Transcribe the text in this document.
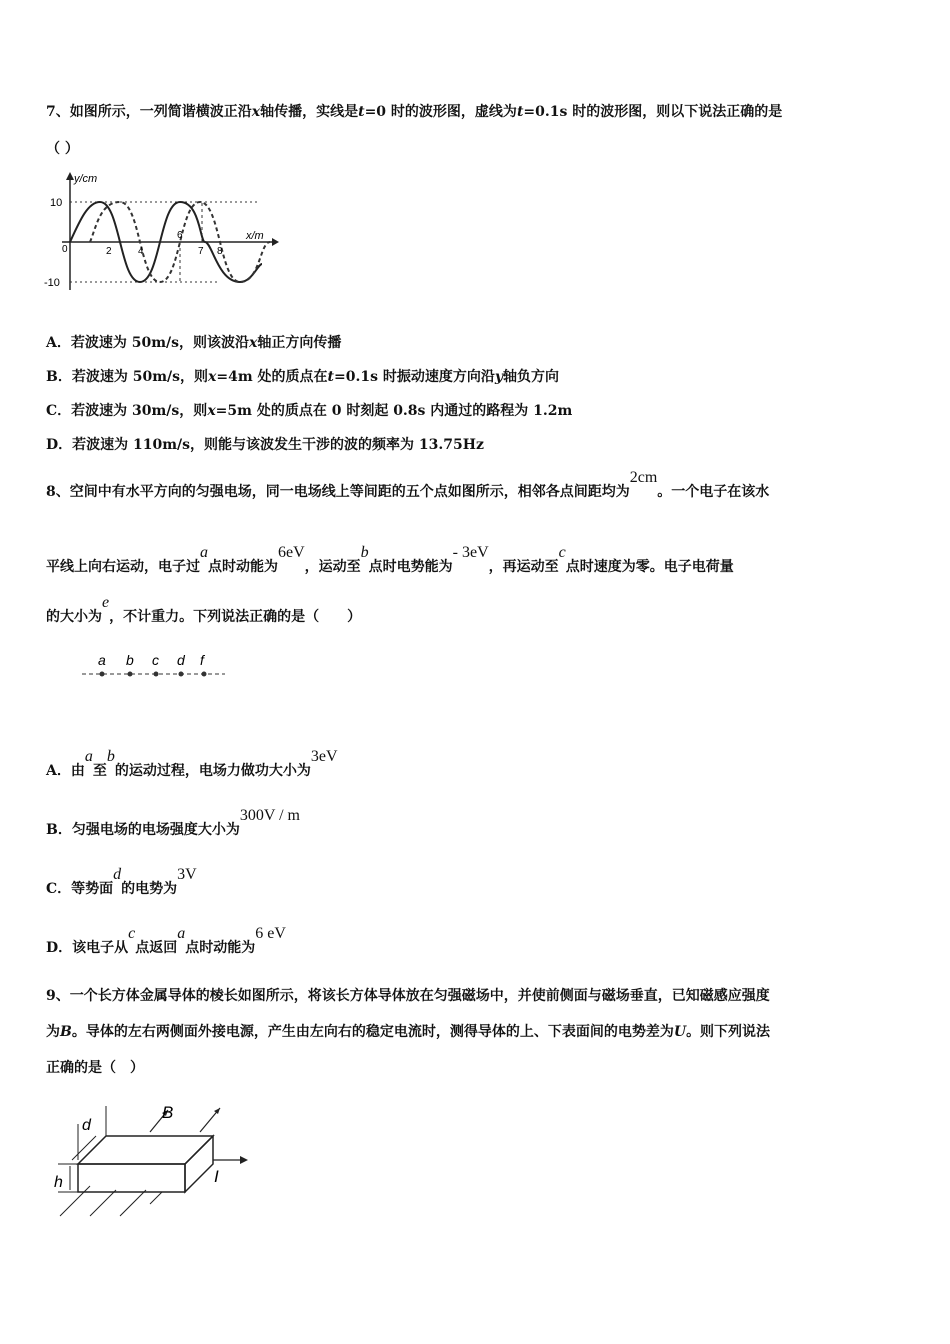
7、如图所示，一列简谐横波正沿x轴传播，实线是t=0 时的波形图，虚线为t=0.1s 时的波形图，则以下说法正确的是
（ ）
y/cm
x/m
10
-10
0	2	4
6
7 8
A．若波速为 50m/s，则该波沿x轴正方向传播
B．若波速为 50m/s，则x=4m 处的质点在t=0.1s 时振动速度方向沿y轴负方向
C．若波速为 30m/s，则x=5m 处的质点在 0 时刻起 0.8s 内通过的路程为 1.2m
D．若波速为 110m/s，则能与该波发生干涉的波的频率为 13.75Hz
8、空间中有水平方向的匀强电场，同一电场线上等间距的五个点如图所示，相邻各点间距均为2cm。一个电子在该水
平线上向右运动，电子过a点时动能为6eV，运动至b点时电势能为- 3eV，再运动至c点时速度为零。电子电荷量
的大小为e，不计重力。下列说法正确的是（　　）
a b c d f
A．由a至b的运动过程，电场力做功大小为3eV
B．匀强电场的电场强度大小为300V / m
C．等势面d的电势为3V
D．该电子从c点返回a点时动能为6 eV
9、一个长方体金属导体的棱长如图所示，将该长方体导体放在匀强磁场中，并使前侧面与磁场垂直，已知磁感应强度
为B。导体的左右两侧面外接电源，产生由左向右的稳定电流时，测得导体的上、下表面间的电势差为U。则下列说法
正确的是（　）
d
h
B
I
